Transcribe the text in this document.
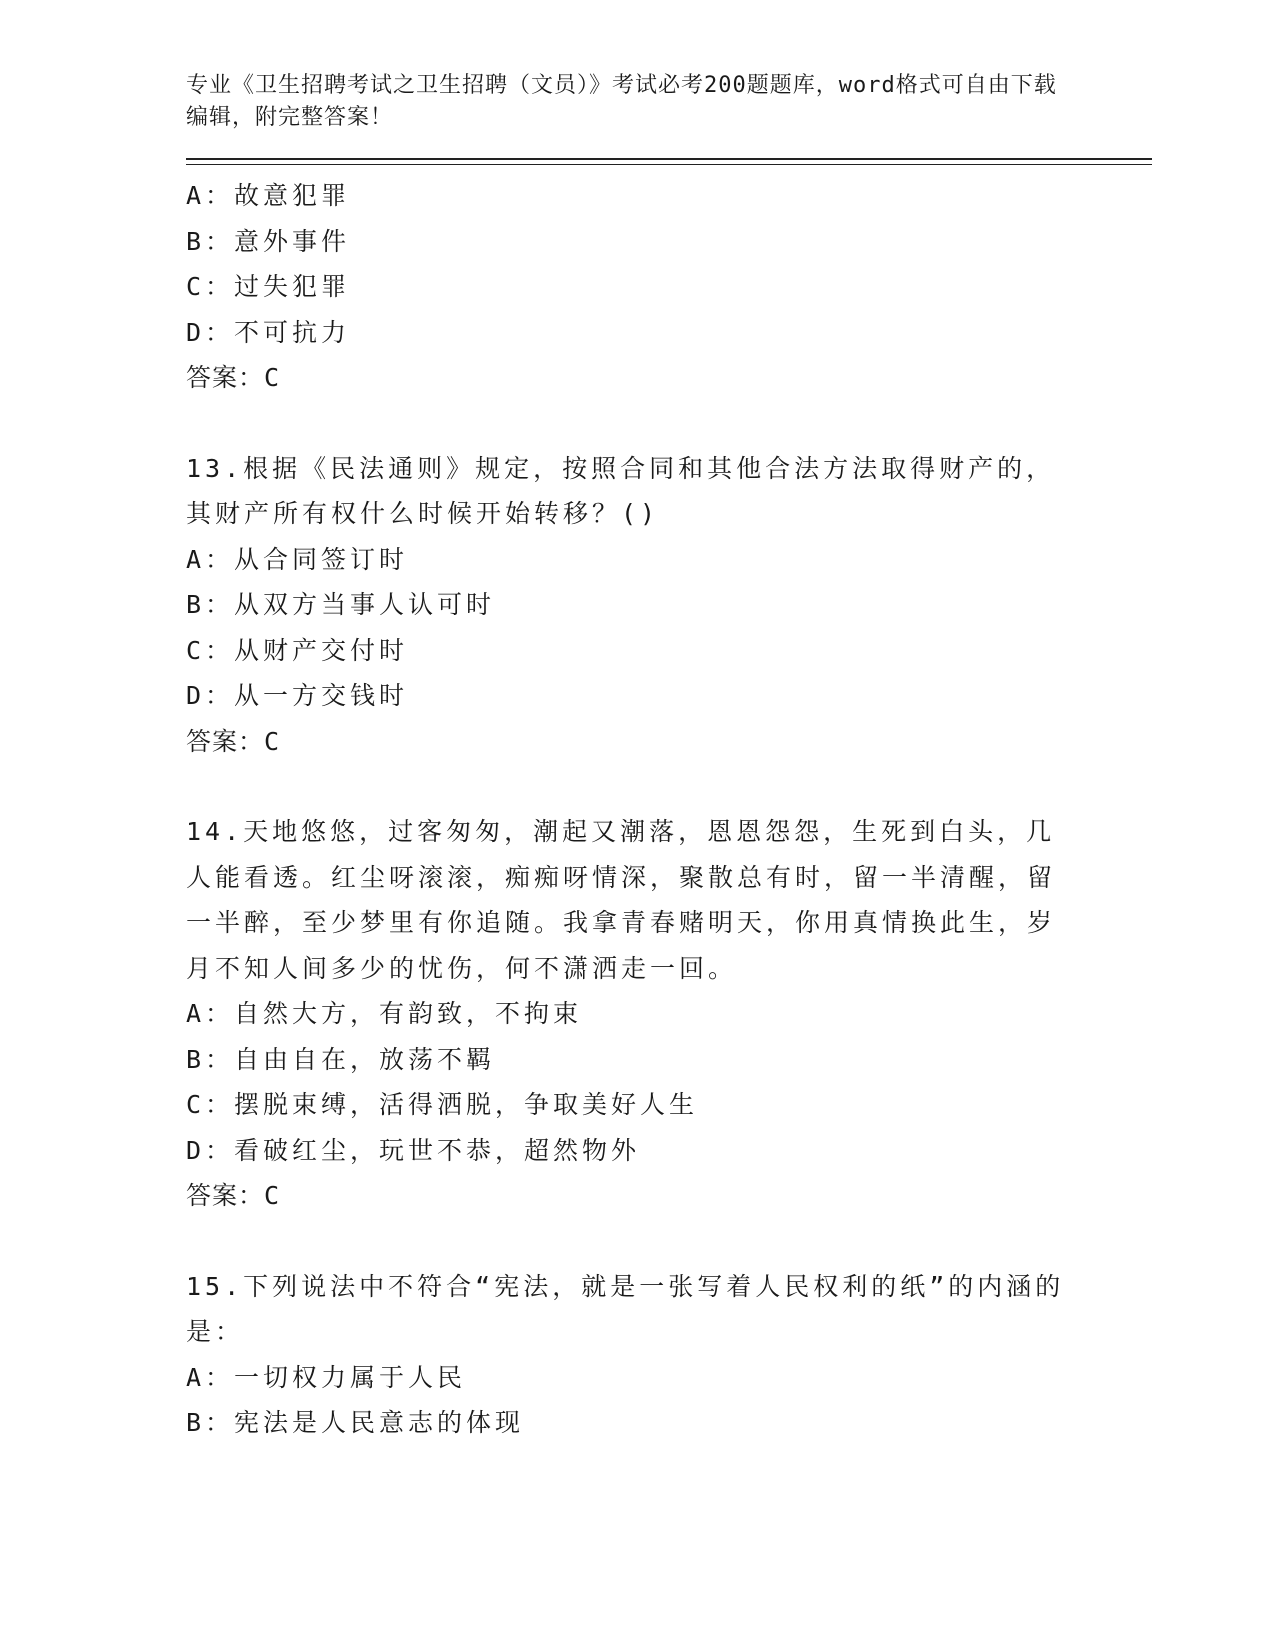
专业《卫生招聘考试之卫生招聘（文员）》考试必考200题题库，word格式可自由下载编辑，附完整答案！
A：故意犯罪
B：意外事件
C：过失犯罪
D：不可抗力
答案：C
13.根据《民法通则》规定，按照合同和其他合法方法取得财产的，其财产所有权什么时候开始转移？()
A：从合同签订时
B：从双方当事人认可时
C：从财产交付时
D：从一方交钱时
答案：C
14.天地悠悠，过客匆匆，潮起又潮落，恩恩怨怨，生死到白头，几人能看透。红尘呀滚滚，痴痴呀情深，聚散总有时，留一半清醒，留一半醉，至少梦里有你追随。我拿青春赌明天，你用真情换此生，岁月不知人间多少的忧伤，何不潇洒走一回。
A：自然大方，有韵致，不拘束
B：自由自在，放荡不羁
C：摆脱束缚，活得洒脱，争取美好人生
D：看破红尘，玩世不恭，超然物外
答案：C
15.下列说法中不符合“宪法，就是一张写着人民权利的纸”的内涵的是：
A：一切权力属于人民
B：宪法是人民意志的体现
